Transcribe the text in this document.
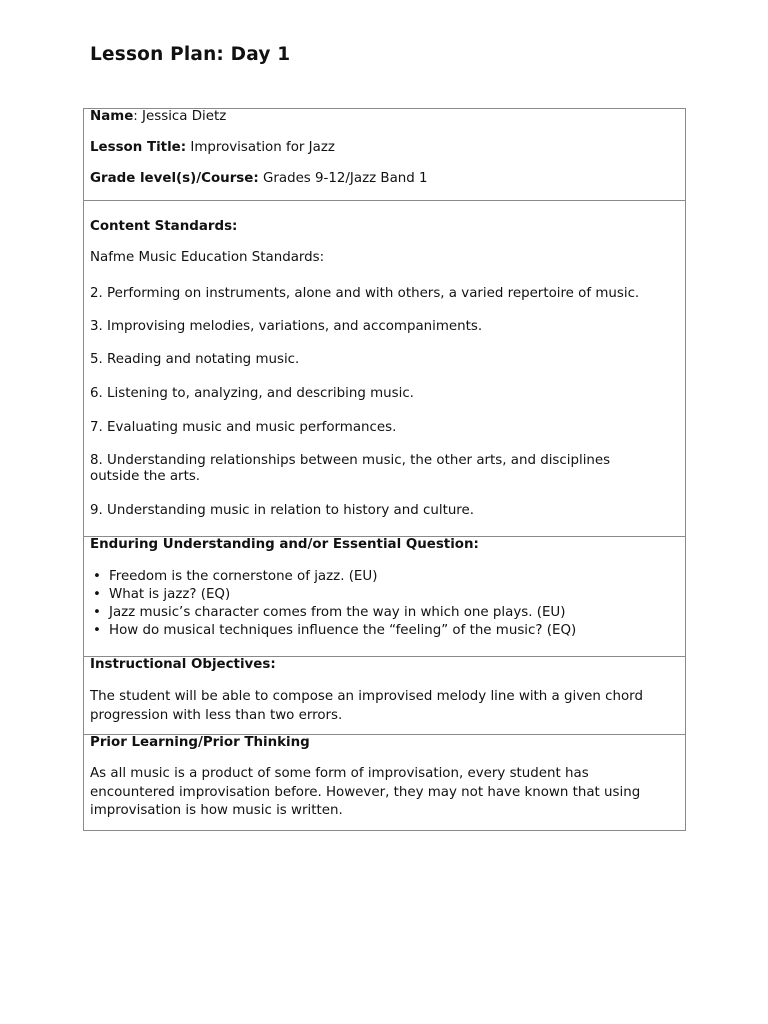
Lesson Plan: Day 1
Name: Jessica Dietz
Lesson Title: Improvisation for Jazz
Grade level(s)/Course: Grades 9-12/Jazz Band 1
Content Standards:
Nafme Music Education Standards:
2. Performing on instruments, alone and with others, a varied repertoire of music.
3. Improvising melodies, variations, and accompaniments.
5. Reading and notating music.
6. Listening to, analyzing, and describing music.
7. Evaluating music and music performances.
8. Understanding relationships between music, the other arts, and disciplines outside the arts.
9. Understanding music in relation to history and culture.
Enduring Understanding and/or Essential Question:
• Freedom is the cornerstone of jazz. (EU)
• What is jazz? (EQ)
• Jazz music’s character comes from the way in which one plays. (EU)
• How do musical techniques influence the “feeling” of the music? (EQ)
Instructional Objectives:
The student will be able to compose an improvised melody line with a given chord progression with less than two errors.
Prior Learning/Prior Thinking
As all music is a product of some form of improvisation, every student has encountered improvisation before. However, they may not have known that using improvisation is how music is written.
